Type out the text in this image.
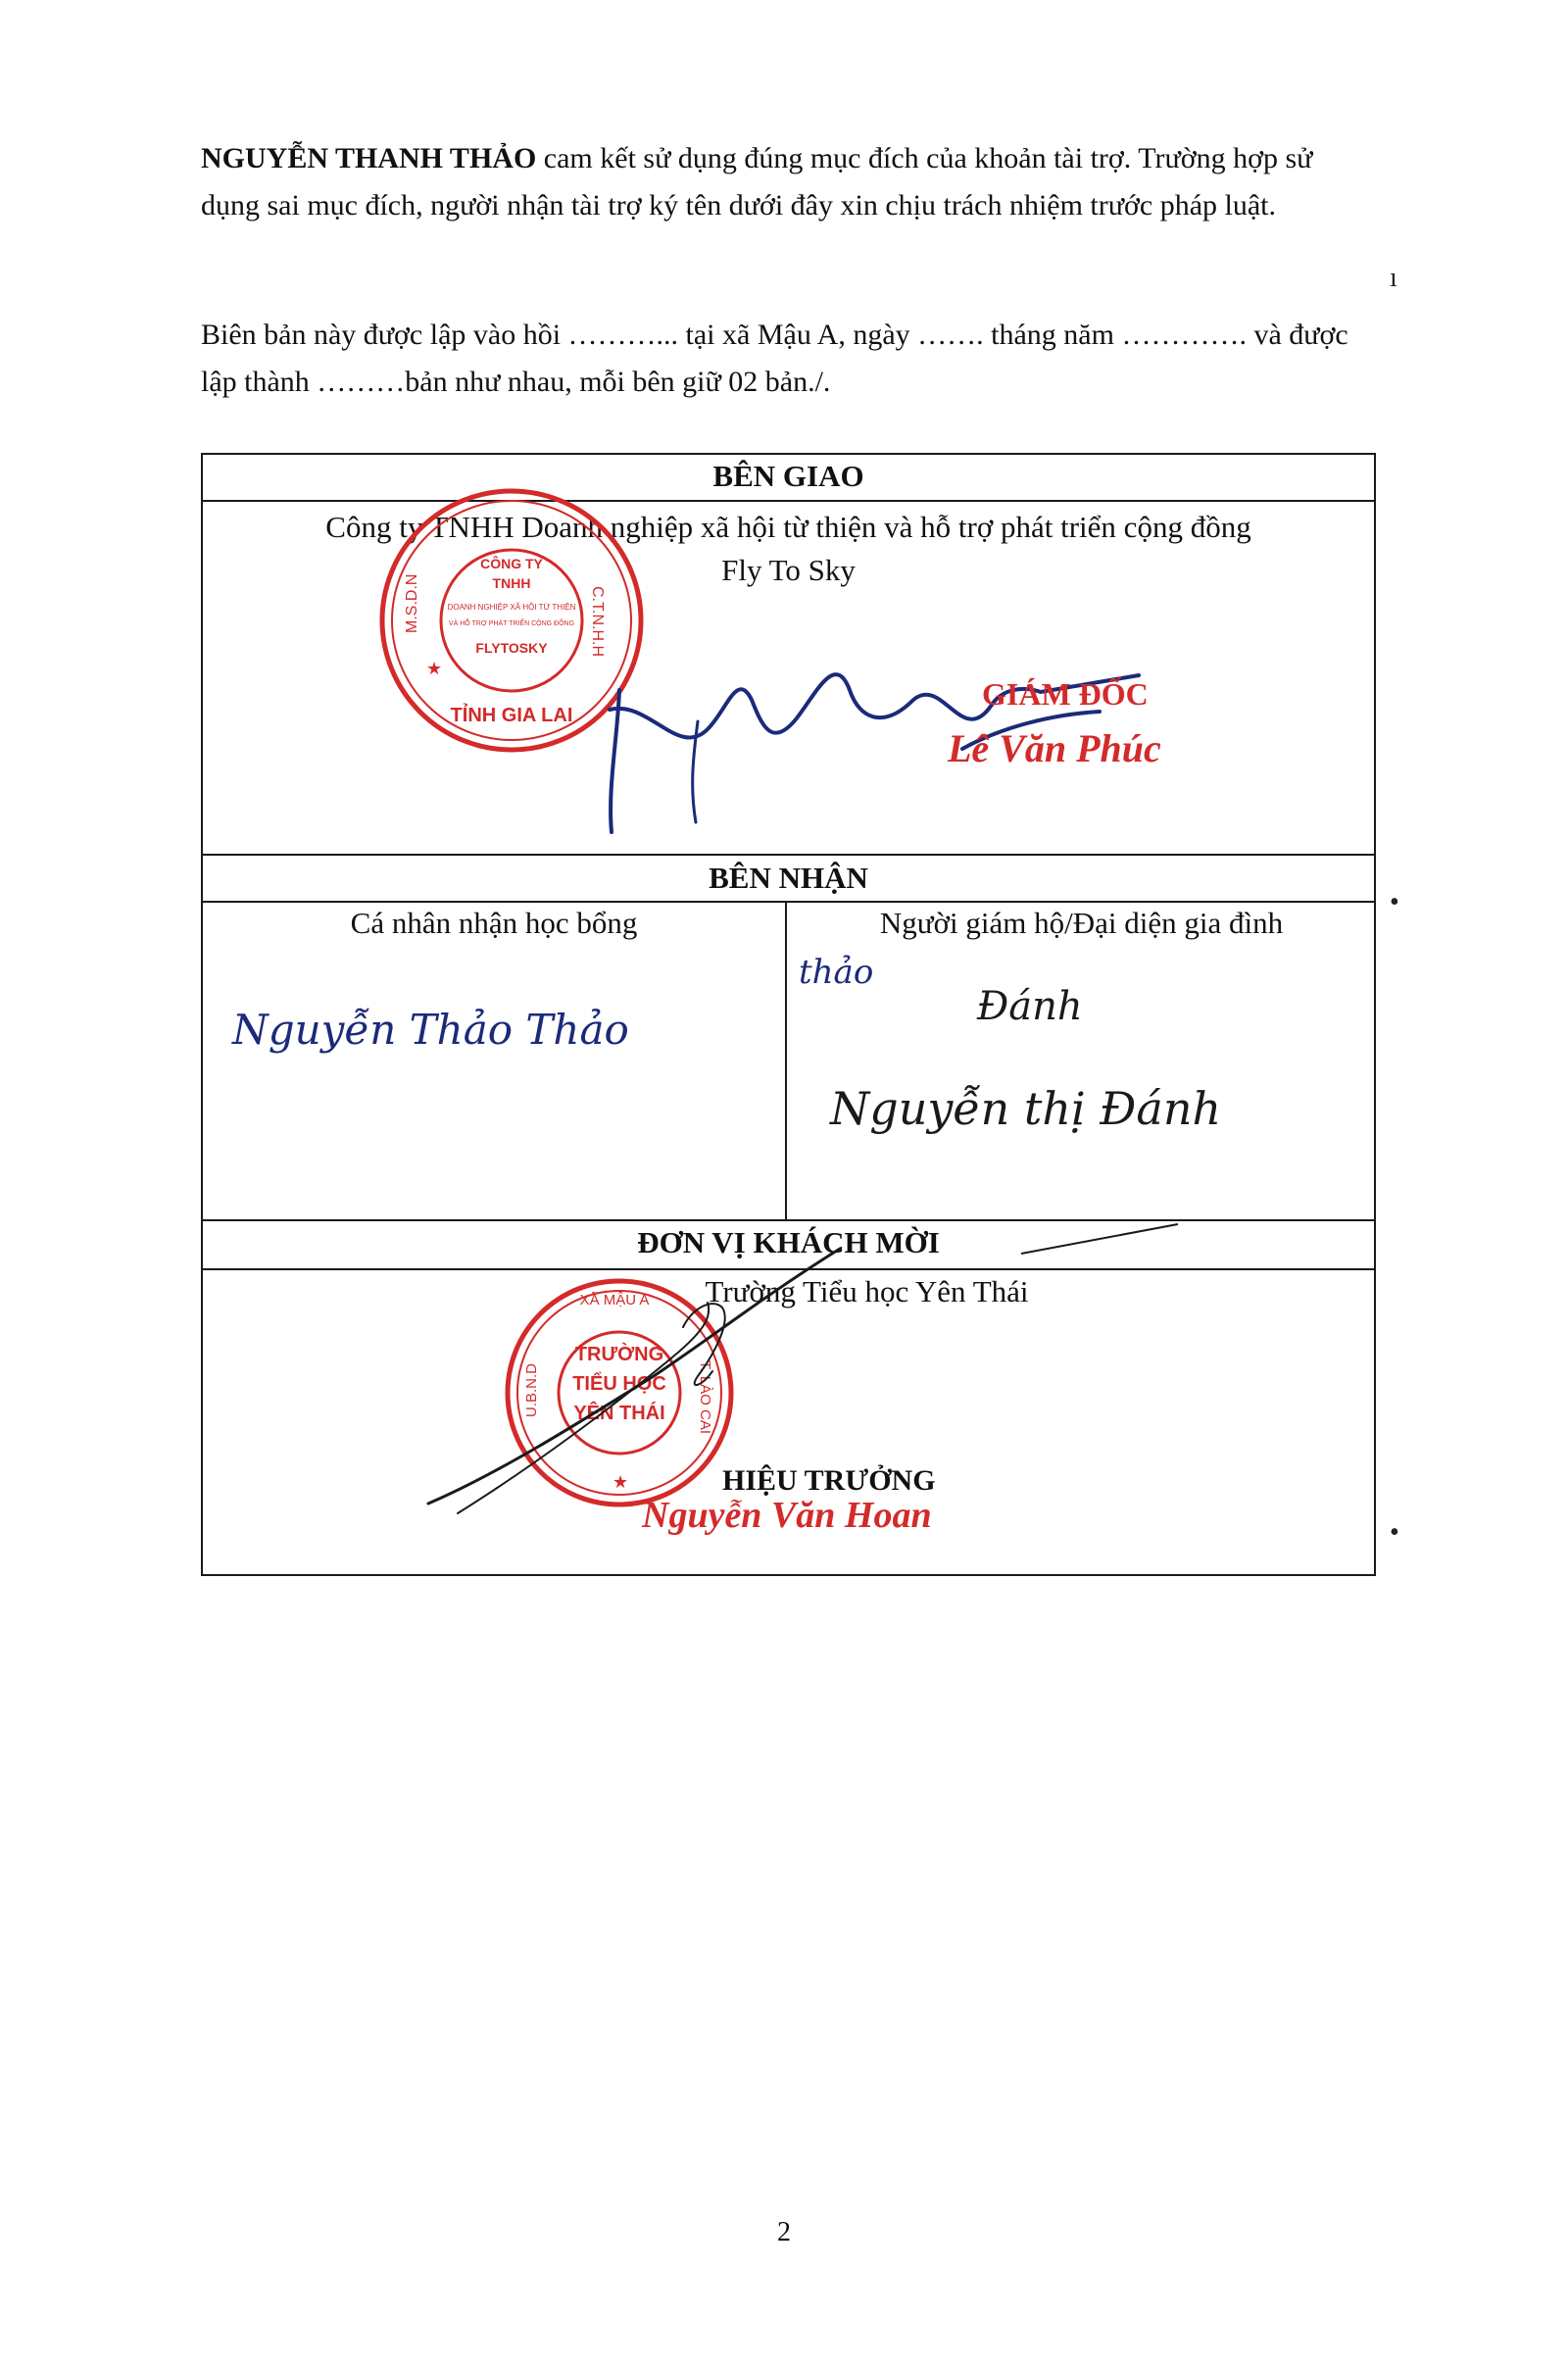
NGUYỄN THANH THẢO cam kết sử dụng đúng mục đích của khoản tài trợ. Trường hợp sử dụng sai mục đích, người nhận tài trợ ký tên dưới đây xin chịu trách nhiệm trước pháp luật.

Biên bản này được lập vào hồi ………... tại xã Mậu A, ngày ……. tháng năm …………. và được lập thành ………bản như nhau, mỗi bên giữ 02 bản./.

ı
•
•
BÊN GIAO
Công ty TNHH Doanh nghiệp xã hội từ thiện và hỗ trợ phát triển cộng đồng
Fly To Sky
CÔNG TY
TNHH
DOANH NGHIỆP XÃ HỘI TỪ THIỆN
VÀ HỖ TRỢ PHÁT TRIỂN CỘNG ĐỒNG
FLYTOSKY
M.S.D.N	C.T.N.H.H
TỈNH GIA LAI
★
GIÁM ĐỐC
Lê Văn Phúc
BÊN NHẬN
Cá nhân nhận học bổng
thảo
Nguyễn Thảo Thảo
Người giám hộ/Đại diện gia đình
Đánh
Nguyễn thị Đánh
ĐƠN VỊ KHÁCH MỜI
Trường Tiểu học Yên Thái
TRƯỜNG
TIỂU HỌC
YÊN THÁI
U.B.N.D
XÃ MẬU A
T. LÀO CAI
★	HIỆU TRƯỞNG
Nguyễn Văn Hoan
2
